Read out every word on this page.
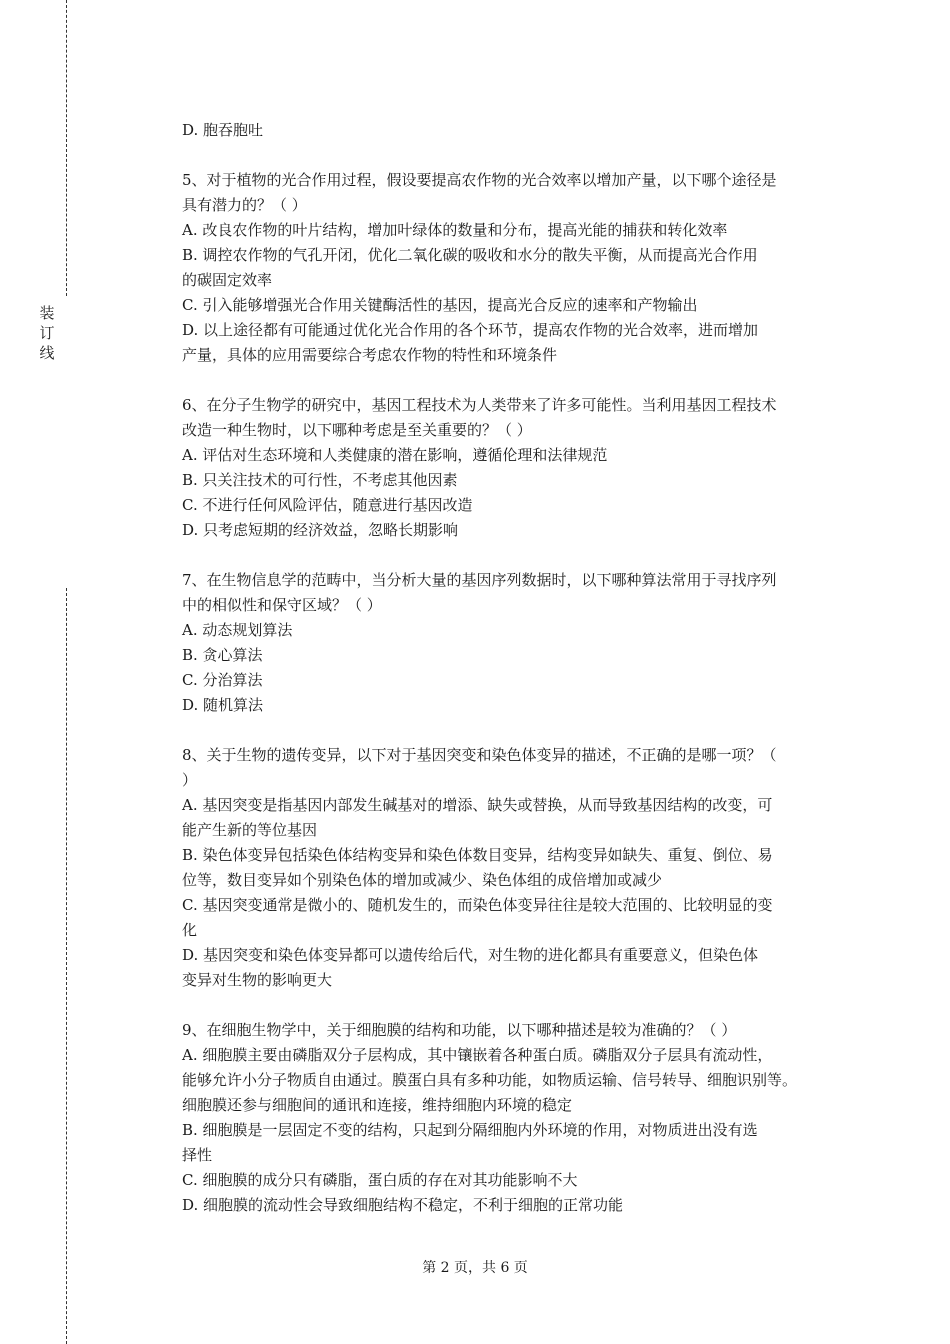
装
订
线
D. 胞吞胞吐
5、对于植物的光合作用过程，假设要提高农作物的光合效率以增加产量，以下哪个途径是
具有潜力的？（ ）
A. 改良农作物的叶片结构，增加叶绿体的数量和分布，提高光能的捕获和转化效率
B. 调控农作物的气孔开闭，优化二氧化碳的吸收和水分的散失平衡，从而提高光合作用
的碳固定效率
C. 引入能够增强光合作用关键酶活性的基因，提高光合反应的速率和产物输出
D. 以上途径都有可能通过优化光合作用的各个环节，提高农作物的光合效率，进而增加
产量，具体的应用需要综合考虑农作物的特性和环境条件
6、在分子生物学的研究中，基因工程技术为人类带来了许多可能性。当利用基因工程技术
改造一种生物时，以下哪种考虑是至关重要的？（ ）
A. 评估对生态环境和人类健康的潜在影响，遵循伦理和法律规范
B. 只关注技术的可行性，不考虑其他因素
C. 不进行任何风险评估，随意进行基因改造
D. 只考虑短期的经济效益，忽略长期影响
7、在生物信息学的范畴中，当分析大量的基因序列数据时，以下哪种算法常用于寻找序列
中的相似性和保守区域？（ ）
A. 动态规划算法
B. 贪心算法
C. 分治算法
D. 随机算法
8、关于生物的遗传变异，以下对于基因突变和染色体变异的描述，不正确的是哪一项？（
）
A. 基因突变是指基因内部发生碱基对的增添、缺失或替换，从而导致基因结构的改变，可
能产生新的等位基因
B. 染色体变异包括染色体结构变异和染色体数目变异，结构变异如缺失、重复、倒位、易
位等，数目变异如个别染色体的增加或减少、染色体组的成倍增加或减少
C. 基因突变通常是微小的、随机发生的，而染色体变异往往是较大范围的、比较明显的变
化
D. 基因突变和染色体变异都可以遗传给后代，对生物的进化都具有重要意义，但染色体
变异对生物的影响更大
9、在细胞生物学中，关于细胞膜的结构和功能，以下哪种描述是较为准确的？（ ）
A. 细胞膜主要由磷脂双分子层构成，其中镶嵌着各种蛋白质。磷脂双分子层具有流动性，
能够允许小分子物质自由通过。膜蛋白具有多种功能，如物质运输、信号转导、细胞识别等。
细胞膜还参与细胞间的通讯和连接，维持细胞内环境的稳定
B. 细胞膜是一层固定不变的结构，只起到分隔细胞内外环境的作用，对物质进出没有选
择性
C. 细胞膜的成分只有磷脂，蛋白质的存在对其功能影响不大
D. 细胞膜的流动性会导致细胞结构不稳定，不利于细胞的正常功能
第 2 页，共 6 页
